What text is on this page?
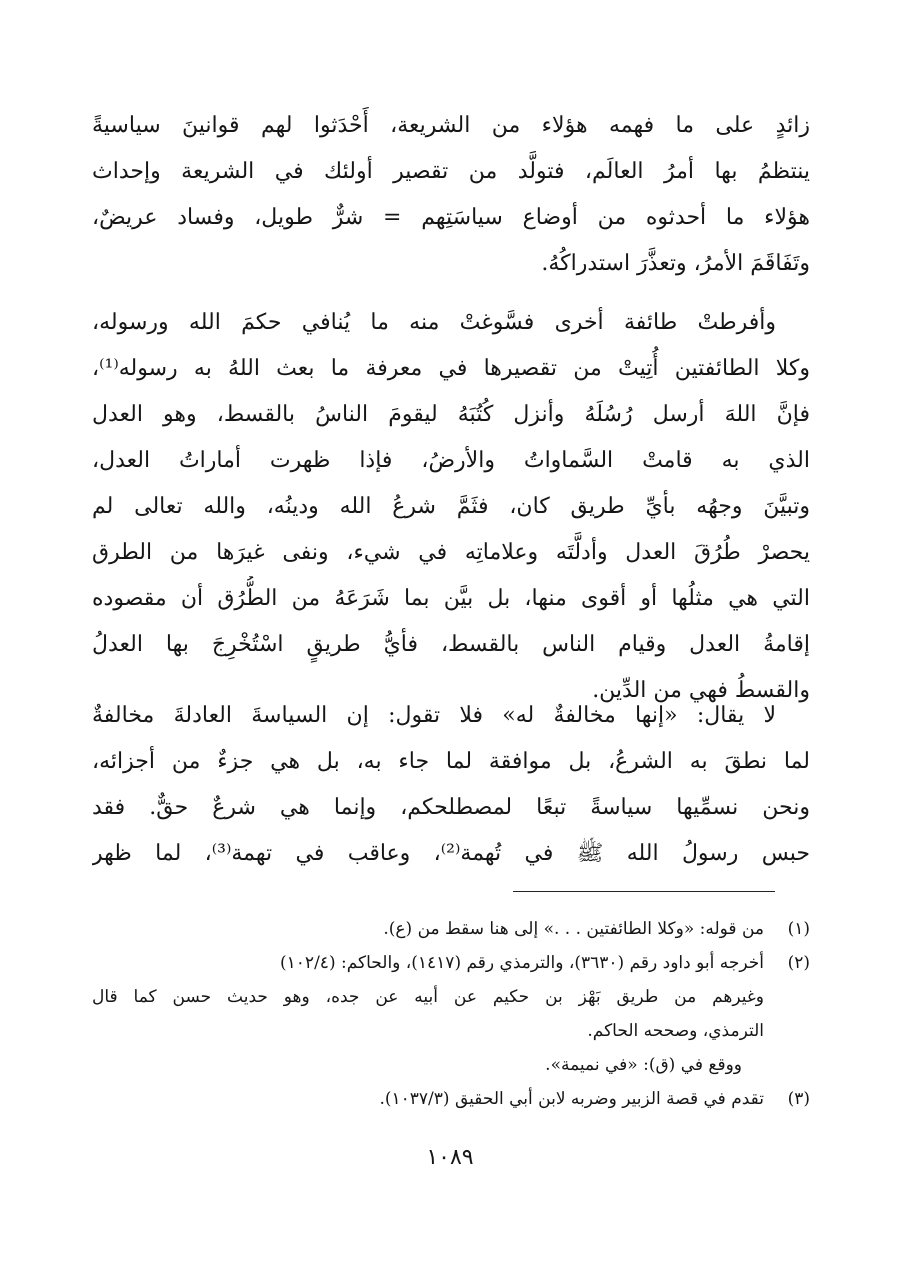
زائدٍ على ما فهمه هؤلاء من الشريعة، أَحْدَثوا لهم قوانينَ سياسيةً
ينتظمُ بها أمرُ العالَم، فتولَّد من تقصير أولئك في الشريعة وإحداث
هؤلاء ما أحدثوه من أوضاع سياسَتِهم = شرٌّ طويل، وفساد عريضٌ،
وتَفَاقَمَ الأمرُ، وتعذَّرَ استدراكُهُ.
وأفرطتْ طائفة أخرى فسَّوغتْ منه ما يُنافي حكمَ الله ورسوله،
وكلا الطائفتين أُتِيتْ من تقصيرها في معرفة ما بعث اللهُ به رسوله⁽¹⁾،
فإنَّ اللهَ أرسل رُسُلَهُ وأنزل كُتُبَهُ ليقومَ الناسُ بالقسط، وهو العدل
الذي به قامتْ السَّماواتُ والأرضُ، فإذا ظهرت أماراتُ العدل،
وتبيَّنَ وجهُه بأيِّ طريق كان، فثَمَّ شرعُ الله ودينُه، والله تعالى لم
يحصرْ طُرُقَ العدل وأدلَّتَه وعلاماتِه في شيء، ونفى غيرَها من الطرق
التي هي مثلُها أو أقوى منها، بل بيَّن بما شَرَعَهُ من الطُّرُق أن مقصوده
إقامةُ العدل وقيام الناس بالقسط، فأيُّ طريقٍ اسْتُخْرِجَ بها العدلُ
والقسطُ فهي من الدِّين.
لا يقال: «إنها مخالفةٌ له» فلا تقول: إن السياسةَ العادلةَ مخالفةٌ
لما نطقَ به الشرعُ، بل موافقة لما جاء به، بل هي جزءٌ من أجزائه،
ونحن نسمِّيها سياسةً تبعًا لمصطلحكم، وإنما هي شرعٌ حقٌّ. فقد
حبس رسولُ الله ﷺ في تُهمة⁽²⁾، وعاقب في تهمة⁽³⁾، لما ظهر
(١)من قوله: «وكلا الطائفتين . . .» إلى هنا سقط من (ع).
(٢)أخرجه أبو داود رقم (٣٦٣٠)، والترمذي رقم (١٤١٧)، والحاكم: (١٠٢/٤)
وغيرهم من طريق بَهْز بن حكيم عن أبيه عن جده، وهو حديث حسن كما قال
الترمذي، وصححه الحاكم.
ووقع في (ق): «في نميمة».
(٣)تقدم في قصة الزبير وضربه لابن أبي الحقيق (١٠٣٧/٣).
١٠٨٩
